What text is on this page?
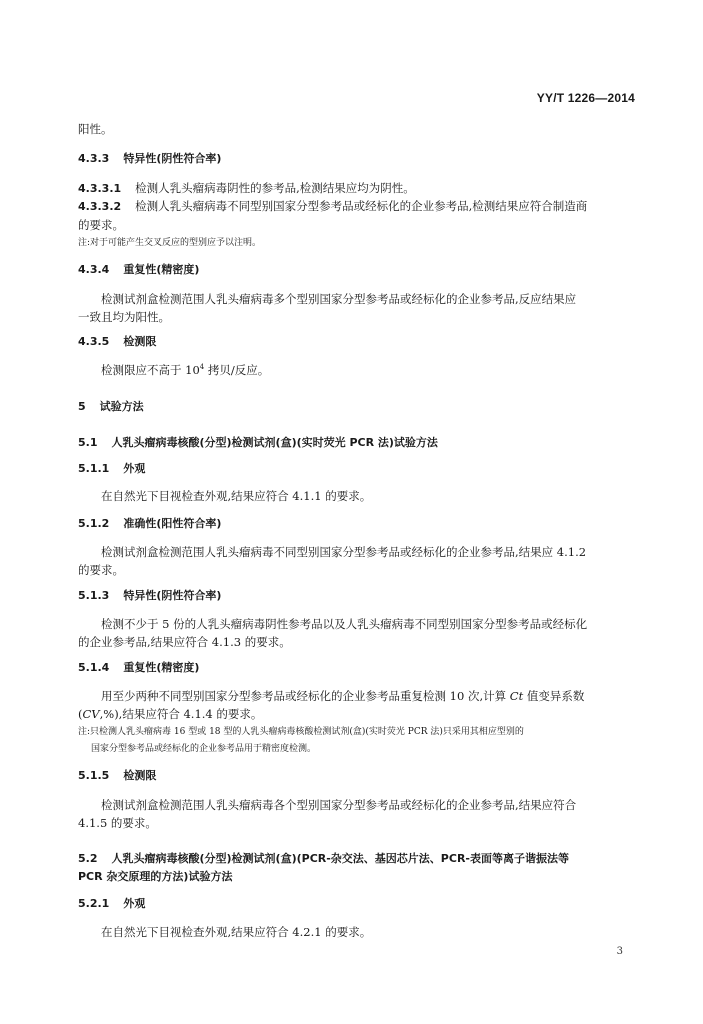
YY/T 1226—2014
阳性。
4.3.3 特异性(阴性符合率)
4.3.3.1 检测人乳头瘤病毒阴性的参考品,检测结果应均为阴性。
4.3.3.2 检测人乳头瘤病毒不同型别国家分型参考品或经标化的企业参考品,检测结果应符合制造商
的要求。
注:对于可能产生交叉反应的型别应予以注明。
4.3.4 重复性(精密度)
检测试剂盒检测范围人乳头瘤病毒多个型别国家分型参考品或经标化的企业参考品,反应结果应
一致且均为阳性。
4.3.5 检测限
检测限应不高于 $10^4$ 拷贝/反应。
5 试验方法
5.1 人乳头瘤病毒核酸(分型)检测试剂(盒)(实时荧光 PCR 法)试验方法
5.1.1 外观
在自然光下目视检查外观,结果应符合 4.1.1 的要求。
5.1.2 准确性(阳性符合率)
检测试剂盒检测范围人乳头瘤病毒不同型别国家分型参考品或经标化的企业参考品,结果应 4.1.2
的要求。
5.1.3 特异性(阴性符合率)
检测不少于 5 份的人乳头瘤病毒阴性参考品以及人乳头瘤病毒不同型别国家分型参考品或经标化
的企业参考品,结果应符合 4.1.3 的要求。
5.1.4 重复性(精密度)
用至少两种不同型别国家分型参考品或经标化的企业参考品重复检测 10 次,计算 Ct 值变异系数
(CV,%),结果应符合 4.1.4 的要求。
注:只检测人乳头瘤病毒 16 型或 18 型的人乳头瘤病毒核酸检测试剂(盒)(实时荧光 PCR 法)只采用其相应型别的
国家分型参考品或经标化的企业参考品用于精密度检测。
5.1.5 检测限
检测试剂盒检测范围人乳头瘤病毒各个型别国家分型参考品或经标化的企业参考品,结果应符合
4.1.5 的要求。
5.2 人乳头瘤病毒核酸(分型)检测试剂(盒)(PCR-杂交法、基因芯片法、PCR-表面等离子谐振法等
PCR 杂交原理的方法)试验方法
5.2.1 外观
在自然光下目视检查外观,结果应符合 4.2.1 的要求。
3
